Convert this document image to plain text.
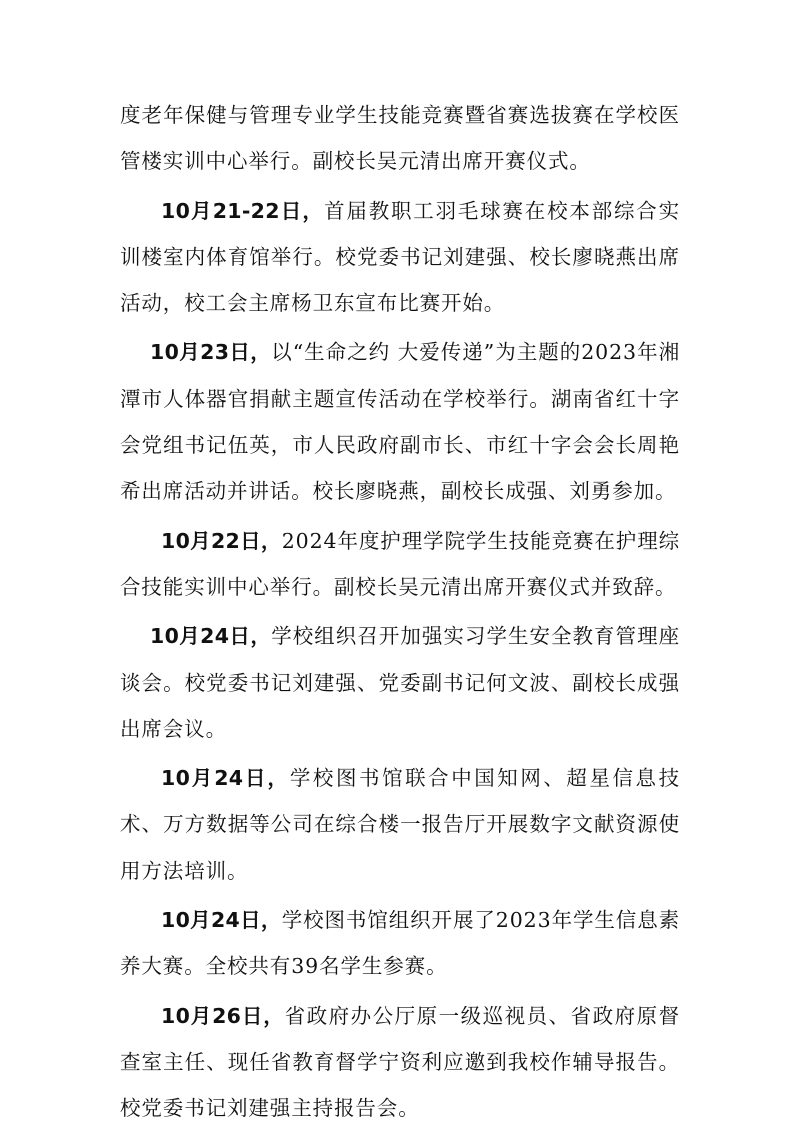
度老年保健与管理专业学生技能竞赛暨省赛选拔赛在学校医管楼实训中心举行。副校长吴元清出席开赛仪式。

10月21-22日，首届教职工羽毛球赛在校本部综合实训楼室内体育馆举行。校党委书记刘建强、校长廖晓燕出席活动，校工会主席杨卫东宣布比赛开始。

10月23日，以“生命之约 大爱传递”为主题的2023年湘潭市人体器官捐献主题宣传活动在学校举行。湖南省红十字会党组书记伍英，市人民政府副市长、市红十字会会长周艳希出席活动并讲话。校长廖晓燕，副校长成强、刘勇参加。

10月22日，2024年度护理学院学生技能竞赛在护理综合技能实训中心举行。副校长吴元清出席开赛仪式并致辞。

10月24日，学校组织召开加强实习学生安全教育管理座谈会。校党委书记刘建强、党委副书记何文波、副校长成强出席会议。

10月24日，学校图书馆联合中国知网、超星信息技术、万方数据等公司在综合楼一报告厅开展数字文献资源使用方法培训。

10月24日，学校图书馆组织开展了2023年学生信息素养大赛。全校共有39名学生参赛。

10月26日，省政府办公厅原一级巡视员、省政府原督查室主任、现任省教育督学宁资利应邀到我校作辅导报告。校党委书记刘建强主持报告会。
